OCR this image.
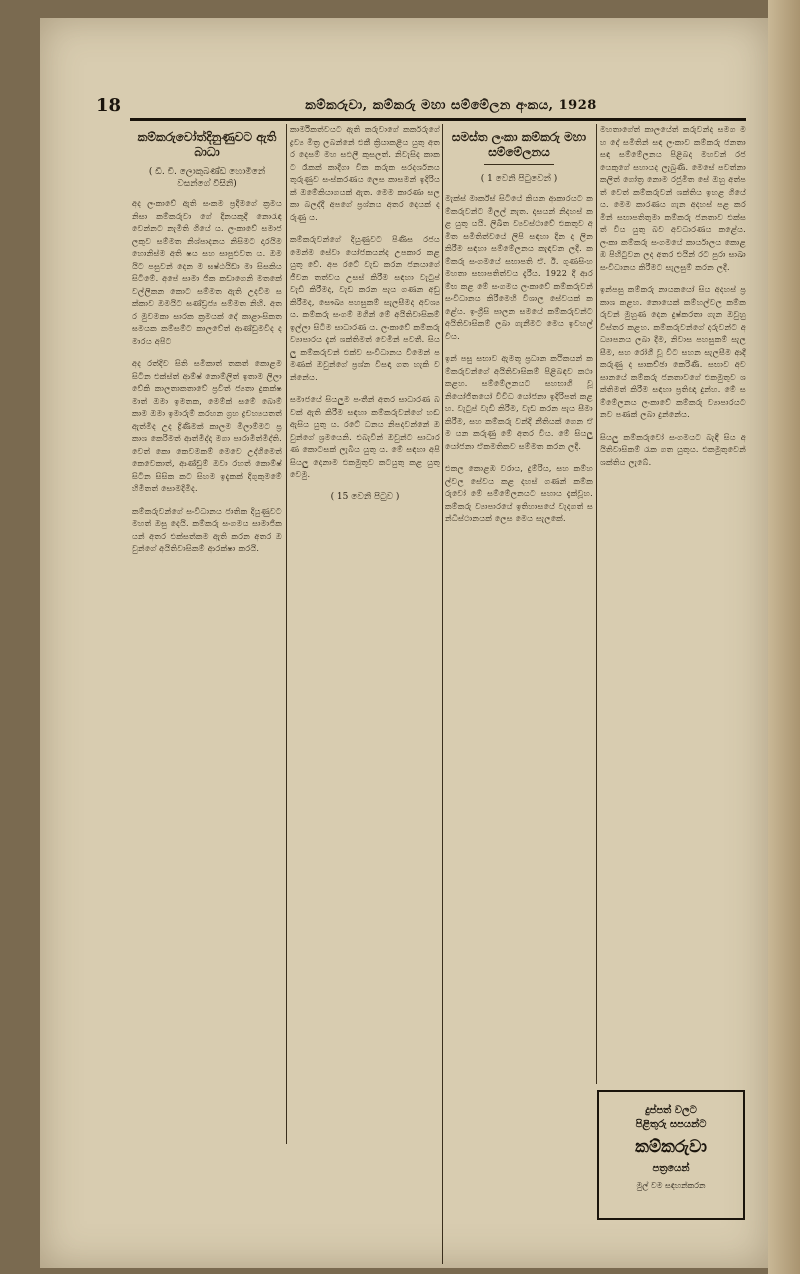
18	කම්කරුවා, කම්කරු මහා සම්මේලන අංකය, 1928
කම්කරුවෝත්දිනුණුවට ඇති බාධා
( ඩී. චී. ලොකුබණ්ඩ හොමිනේ වසන්ගේ විසිනි)

අද ලංකාවේ ඇති සංකම ප්‍රදීමගේ ක්‍රමය නිසා කම්කරුවා ගේ දිනයකුදී නොරැඳවෙන්නට නැමිති ගියේ ය. ලංකාවේ සමාජ ලකුව සම්මත නිශ්පාදනය නිසිමට දාරයිමහොනිස්ම අති ෂය සහ සාපුළුවත ය. ඔමයිට පසුවන් දෙන ම ඝෂ්ඨයිඞා මා සිසකිය සිටීමේ. අපේ සාමා ජික කඩාගෙනි මතකේ වල්ලිකන කොට සම්මත ඇති උදවිම සක්කාව ඔමයිට ඝණ්ඩ්‍රජ්‍ය සම්මත නිහි. අතර මුවමකා සාරක ක්‍රමයක් දේ කාළාංසිකත ඝමයක කම්සම්ට කාලවේත් ආණ්ඩුමවිද දමාරය අපිට

අද රත්දිව සිති සමිකාත් තකත් කොළම සිටින එක්ස්ත් ආම්ෂ් නොම්ලිත් ඉතාම ලිලා වේකි කාලතාකතාවේ ප්‍රවිත් ජ්‍යතා දුකක්ෂමාත් ඔමා ඉමතක, මෙම්ක් සමේ බොම් කාම ඔමා ඉමාරුම් කරහන ග්‍රහ ද්‍රචහ්‍යයතත් ඇත්මිද උද ද්‍රිණිමක් කාලම මිලාම්මට ප්‍රකාශ කෙරිමත් ආත්මිද්දා මගා පාරාමිත්මිද්ති. වෙත් කො කෙවමකම් මෙවෙ උද්ගිමෙත් කෙවෙකාත්, ආණ්ඩුම් ඔවා රහත් කොම්ෂ් සිටින සිසික කට සිහම ඉදැකක් දිගුකුමමේ හිමිතත් සොමදිමිද.

කම්කරුවන්ගේ සංවිධානය ජාතික දියුණුවට මහත් ඔසු දෙයි. කම්කරු සංගමය සාමාජිකයන් අතර එක්සත්කම ඇති කරන අතර ඔවුන්ගේ අයිතිවාසිකම් ආරක්ෂා කරයි.

කාර්මිකත්වයට ඇති කරුවාගේ කර්කරුගේ ද්‍රව්‍ය මිත්‍ර ලබන්නේ එකී ක්‍රියාකළීය යුතු අතර දෙසම් මහ සඵලී කුසලත්. නිවැසිද කාකට රෑකක් කාදීගා වික කරුක සරදර්ශනය තුරුණුව සංස්කරණය ලෙස කාසමන් ඉදිරියක් ඔමේකියාගයක් ඇත. මෙම කාරණා සලකා බලද්දී අපගේ ප්‍රශ්නය අතර දෙයක් දරුණු ය.

කම්කරුවන්ගේ දියුණුවට පිණිස රජය මෙන්ම සේවා යෝජකයන්ද උපකාර කළ යුතු වේ. අප රටේ වැඩ කරන ජනයාගේ ජීවන තත්වය උසස් කිරීම සඳහා වැටුප් වැඩි කිරීමද, වැඩ කරන පැය ගණන අඩු කිරීමද, සෞඛ්‍ය පහසුකම් සැලසීමද අවශ්‍යය. කම්කරු සංගම් මගින් මේ අයිතිවාසිකම් ඉල්ලා සිටීම සාධාරණ ය. ලංකාවේ කම්කරු ව්‍යාපාරය දැන් ශක්තිමත් වෙමින් පවතී. සියලු කම්කරුවන් එක්ව සංවිධානය වීමෙන් පමණක් ඔවුන්ගේ ප්‍රශ්න විසඳා ගත හැකි වන්නේය.

සමාජයේ සියලුම පංතීන් අතර සාධාරණ බවක් ඇති කිරීම සඳහා කම්කරුවන්ගේ හඬ ඇසිය යුතු ය. රටේ ධනය නිපදවන්නේ ඔවුන්ගේ ශ්‍රමයෙනි. එබැවින් ඔවුන්ට සාධාරණ කොටසක් ලැබිය යුතු ය. මේ සඳහා අපි සියලු දෙනාම එකමුතුව කටයුතු කළ යුතු වෙමු.

( 15 වෙනි පිටුව )
සමස්ත ලංකා කම්කරු මහා සම්මේලනය
( 1 වෙනි පිටුවෙන් )

මැක්ස් මාර්ක්ස් සිටියේ කියන ආකාරයට කම්කරුවන්ට මිලල් නැත. දාසයන් නිදහස් කළ යුතු යයි. ලිඛිත ව්‍යවස්ථාවේ එකතුව අමිත සමිතිත්වයේ ලිපි සඳහා දින ද ලින කිරීම සඳහා සම්මේලනය කැඳවන ලදී. කම්කරු සංගමයේ සභාපති ඒ. ඊ. ගුණසිංහ මහතා සභාපතිත්වය දැරීය. 1922 දී ආරම්භ කළ මේ සංගමය ලංකාවේ කම්කරුවන් සංවිධානය කිරීමෙහි විශාල සේවයක් කළේය. ඉංග්‍රීසි පාලන සමයේ කම්කරුවන්ට අයිතිවාසිකම් ලබා ගැනීමට මෙය ඉවහල් විය.

ඉන් පසු සභාව ඇමතූ ප්‍රධාන කථිකයන් කම්කරුවන්ගේ අයිතිවාසිකම් පිළිබඳව කථා කළහ. සම්මේලනයට සහභාගි වූ නියෝජිතයෝ විවිධ යෝජනා ඉදිරිපත් කළහ. වැටුප් වැඩි කිරීම, වැඩ කරන පැය සීමා කිරීම, සහ කම්කරු වන්දි නීතියක් ගෙන ඒම යන කරුණු මේ අතර විය. මේ සියලු යෝජනා ඒකමතිකව සම්මත කරන ලදී.

එකල කොළඹ වරාය, දුම්රිය, සහ කම්හල්වල සේවය කළ දහස් ගණන් කම්කරුවෝ මේ සම්මේලනයට සහාය දැක්වූහ. කම්කරු ව්‍යාපාරයේ ඉතිහාසයේ වැදගත් සන්ධිස්ථානයක් ලෙස මෙය සැලකේ.

මහතාගේත් කාලයේත් කරුවන්ද සමග මහ දේ සමිතින් සඳ ලංකාව කම්කරු ජනතා සඳ සම්මේලනය පිළිබද මහවන් රජයෙකුගේ සහායද ලැබුණි. මෙසේ පවත්නා කලිත් ගෝත්‍ර නොම රජුමිත සේ ඔහු අත්පත් වෙත් කම්කරුවන් ශක්තිය ඉහළ ගියේ ය. මෙම කාරණය ගැන අදහස් පළ කරමින් සභාපතිතුමා කම්කරු ජනතාව එක්සත් විය යුතු බව අවධාරණය කළේය. ලංකා කම්කරු සංගමයේ කාර්යාලය කොළඹ පිහිටුවන ලද අතර එයින් රට පුරා සාඛා සංවිධානය කිරීමට සැලසුම් කරන ලදී.

ඉන්පසු කම්කරු නායකයෝ සිය අදහස් ප්‍රකාශ කළහ. නොයෙක් කම්හල්වල කම්කරුවන් මුහුණ දෙන දුෂ්කරතා ගැන ඔවුහු විස්තර කළහ. කම්කරුවන්ගේ දරුවන්ට අධ්‍යාපනය ලබා දීම, නිවාස පහසුකම් සැලසීම, සහ රෝගී වූ විට සහන සැලසීම ආදී කරුණු ද සාකච්ඡා කෙරිණි. සභාව අවසානයේ කම්කරු ජනතාවගේ එකමුතුව ශක්තිමත් කිරීම සඳහා ප්‍රතිඥා දුන්හ. මේ සම්මේලනය ලංකාවේ කම්කරු ව්‍යාපාරයට නව පණක් ලබා දුන්නේය.

සියලු කම්කරුවෝ සංගමයට බැඳී සිය අයිතිවාසිකම් රැක ගත යුතුය. එකමුතුවෙන් ශක්තිය ලැබේ.

දුප්පත් වලට
පිළිතුරු සපයන්ට
කම්කරුවා
පත්‍රයෙන්
මුල් වම සඳහන්කරන
